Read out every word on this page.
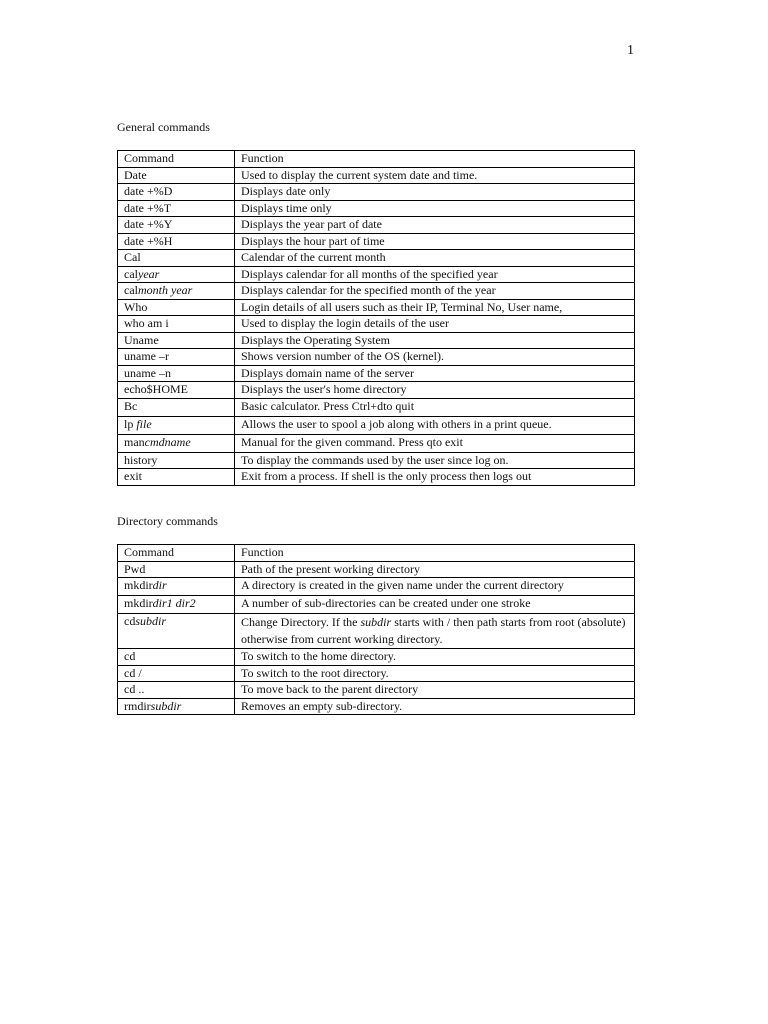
1
General commands
Command	Function
Date	Used to display the current system date and time.
date +%D	Displays date only
date +%T	Displays time only
date +%Y	Displays the year part of date
date +%H	Displays the hour part of time
Cal	Calendar of the current month
calyear	Displays calendar for all months of the specified year
calmonth year	Displays calendar for the specified month of the year
Who	Login details of all users such as their IP, Terminal No, User name,
who am i	Used to display the login details of the user
Uname	Displays the Operating System
uname –r	Shows version number of the OS (kernel).
uname –n	Displays domain name of the server
echo$HOME	Displays the user's home directory
Bc	Basic calculator. Press Ctrl+dto quit
lp file	Allows the user to spool a job along with others in a print queue.
mancmdname	Manual for the given command. Press qto exit
history	To display the commands used by the user since log on.
exit	Exit from a process. If shell is the only process then logs out
Directory commands
Command	Function
Pwd	Path of the present working directory
mkdirdir	A directory is created in the given name under the current directory
mkdirdir1 dir2	A number of sub-directories can be created under one stroke
cdsubdir	Change Directory. If the subdir starts with / then path starts from root (absolute) otherwise from current working directory.
cd	To switch to the home directory.
cd /	To switch to the root directory.
cd ..	To move back to the parent directory
rmdirsubdir	Removes an empty sub-directory.
